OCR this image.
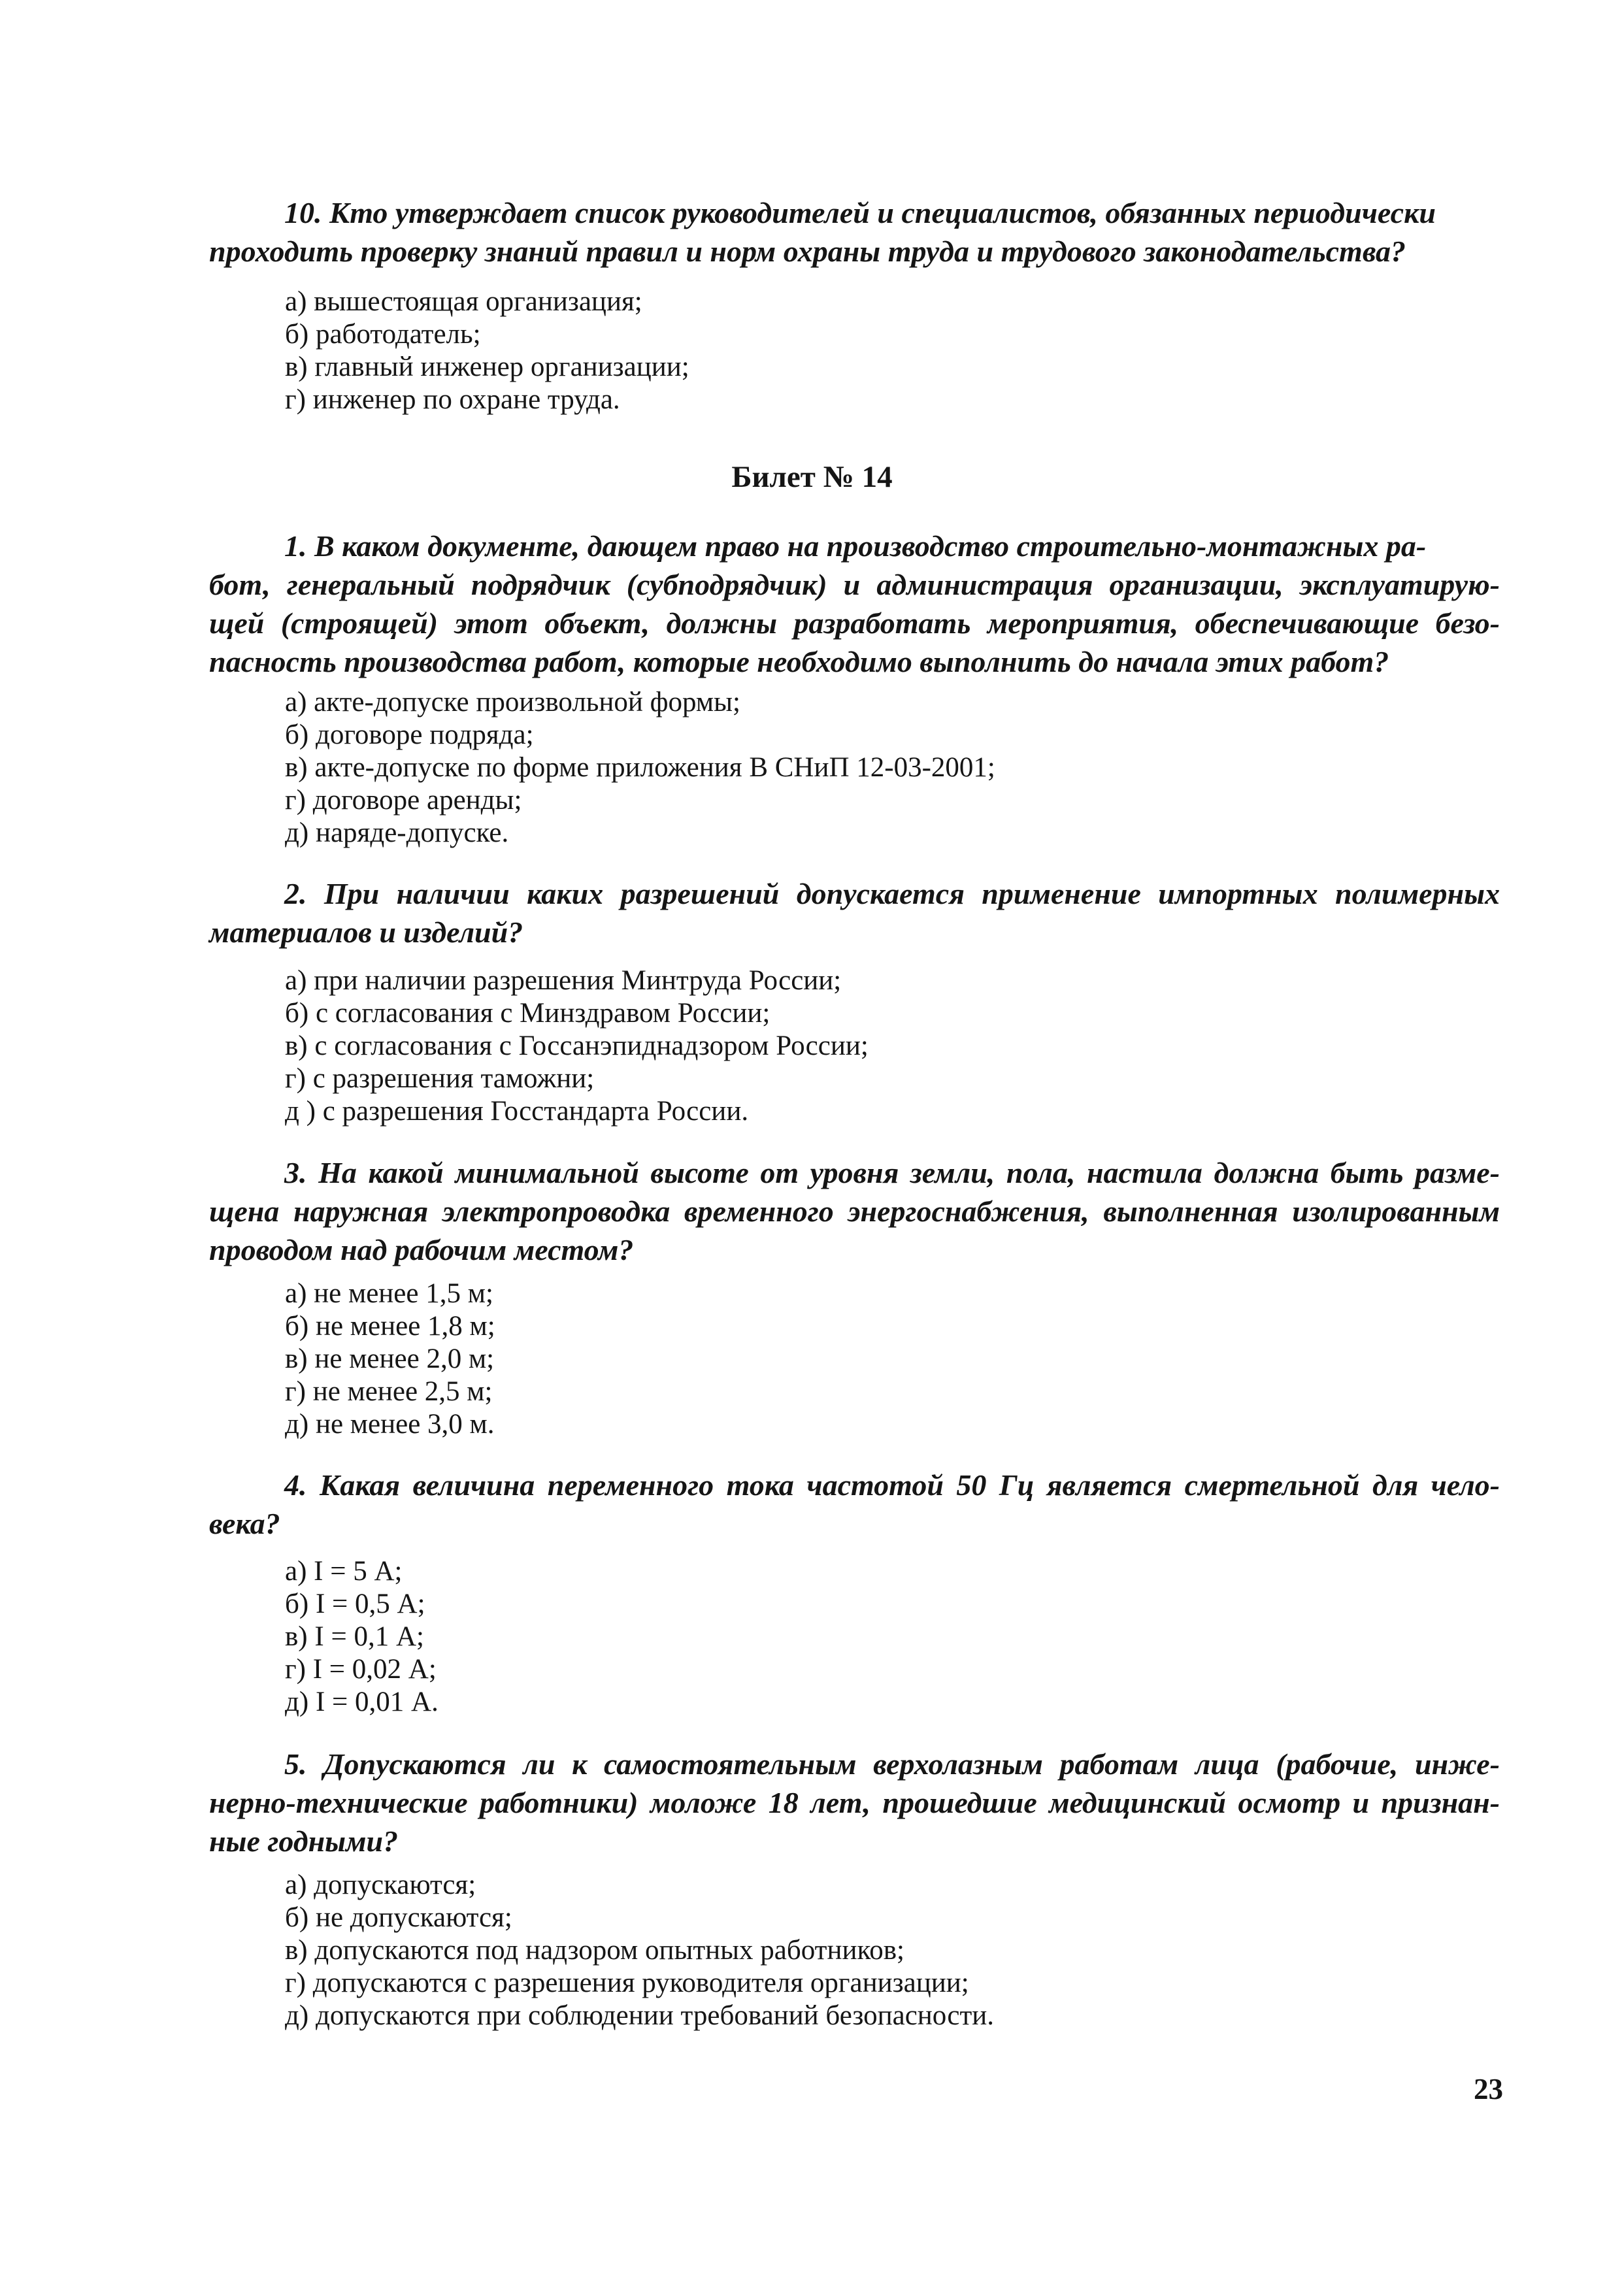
10. Кто утверждает список руководителей и специалистов, обязанных периодически
проходить проверку знаний правил и норм охраны труда и трудового законодательства?
а) вышестоящая организация;
б) работодатель;
в) главный инженер организации;
г) инженер по охране труда.
Билет № 14
1. В каком документе, дающем право на производство строительно-монтажных ра-
бот, генеральный подрядчик (субподрядчик) и администрация организации, эксплуатирую-
щей (строящей) этот объект, должны разработать мероприятия, обеспечивающие безо-
пасность производства работ, которые необходимо выполнить до начала этих работ?
а) акте-допуске произвольной формы;
б) договоре подряда;
в) акте-допуске по форме приложения В СНиП 12-03-2001;
г) договоре аренды;
д) наряде-допуске.
2. При наличии каких разрешений допускается применение импортных полимерных
материалов и изделий?
а) при наличии разрешения Минтруда России;
б) с согласования с Минздравом России;
в) с согласования с Госсанэпиднадзором России;
г) с разрешения таможни;
д ) с разрешения Госстандарта России.
3. На какой минимальной высоте от уровня земли, пола, настила должна быть разме-
щена наружная электропроводка временного энергоснабжения, выполненная изолированным
проводом над рабочим местом?
а) не менее 1,5 м;
б) не менее 1,8 м;
в) не менее 2,0 м;
г) не менее 2,5 м;
д) не менее 3,0 м.
4. Какая величина переменного тока частотой 50 Гц является смертельной для чело-
века?
а) I = 5 А;
б) I = 0,5 А;
в) I = 0,1 А;
г) I = 0,02 А;
д) I = 0,01 А.
5. Допускаются ли к самостоятельным верхолазным работам лица (рабочие, инже-
нерно-технические работники) моложе 18 лет, прошедшие медицинский осмотр и признан-
ные годными?
а) допускаются;
б) не допускаются;
в) допускаются под надзором опытных работников;
г) допускаются с разрешения руководителя организации;
д) допускаются при соблюдении требований безопасности.
23
